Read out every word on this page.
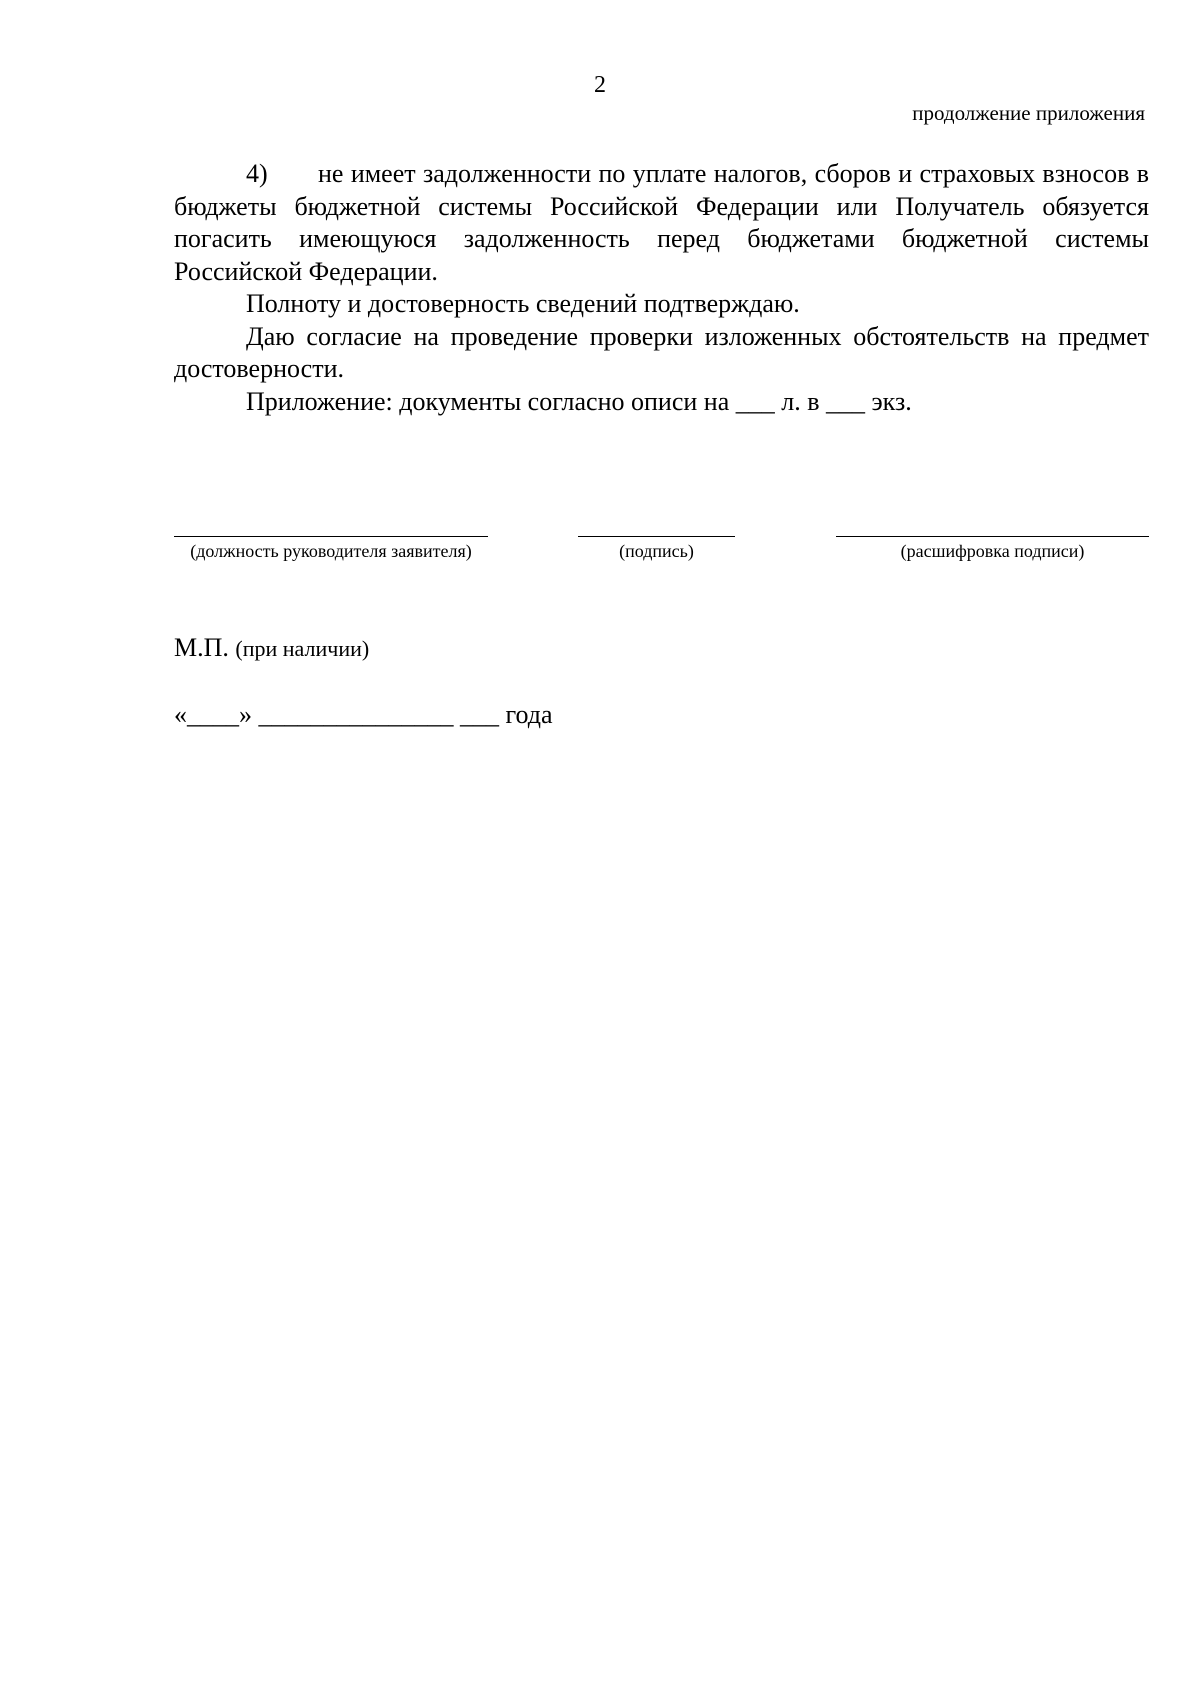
2
продолжение приложения

4) не имеет задолженности по уплате налогов, сборов и страховых взносов в бюджеты бюджетной системы Российской Федерации или Получатель обязуется погасить имеющуюся задолженность перед бюджетами бюджетной системы Российской Федерации.

Полноту и достоверность сведений подтверждаю.

Даю согласие на проведение проверки изложенных обстоятельств на предмет достоверности.

Приложение: документы согласно описи на ___ л. в ___ экз.

(должность руководителя заявителя)	(подпись)	(расшифровка подписи)
М.П. (при наличии)
«____» _______________ ___ года
